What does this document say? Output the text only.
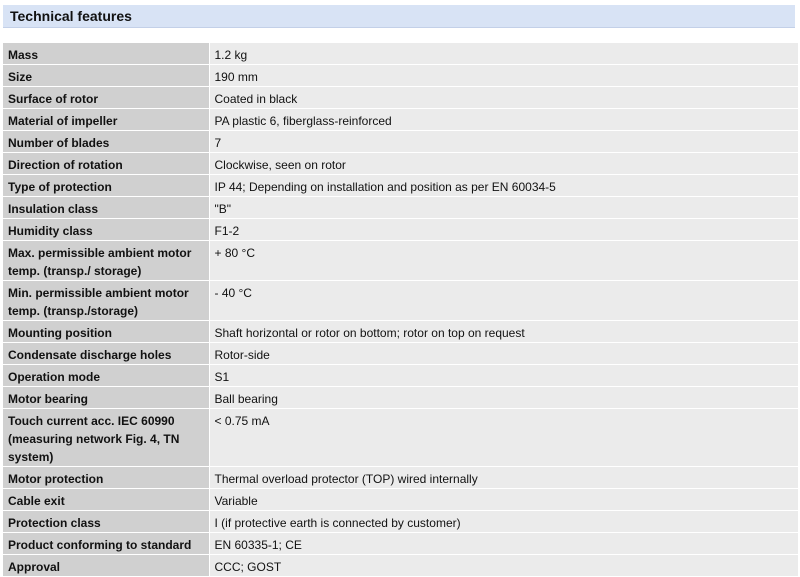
Technical features
Mass	1.2 kg
Size	190 mm
Surface of rotor	Coated in black
Material of impeller	PA plastic 6, fiberglass-reinforced
Number of blades	7
Direction of rotation	Clockwise, seen on rotor
Type of protection	IP 44; Depending on installation and position as per EN 60034-5
Insulation class	"B"
Humidity class	F1-2
Max. permissible ambient motor temp. (transp./ storage)	+ 80 °C
Min. permissible ambient motor temp. (transp./storage)	- 40 °C
Mounting position	Shaft horizontal or rotor on bottom; rotor on top on request
Condensate discharge holes	Rotor-side
Operation mode	S1
Motor bearing	Ball bearing
Touch current acc. IEC 60990 (measuring network Fig. 4, TN system)	< 0.75 mA
Motor protection	Thermal overload protector (TOP) wired internally
Cable exit	Variable
Protection class	I (if protective earth is connected by customer)
Product conforming to standard	EN 60335-1; CE
Approval	CCC; GOST
